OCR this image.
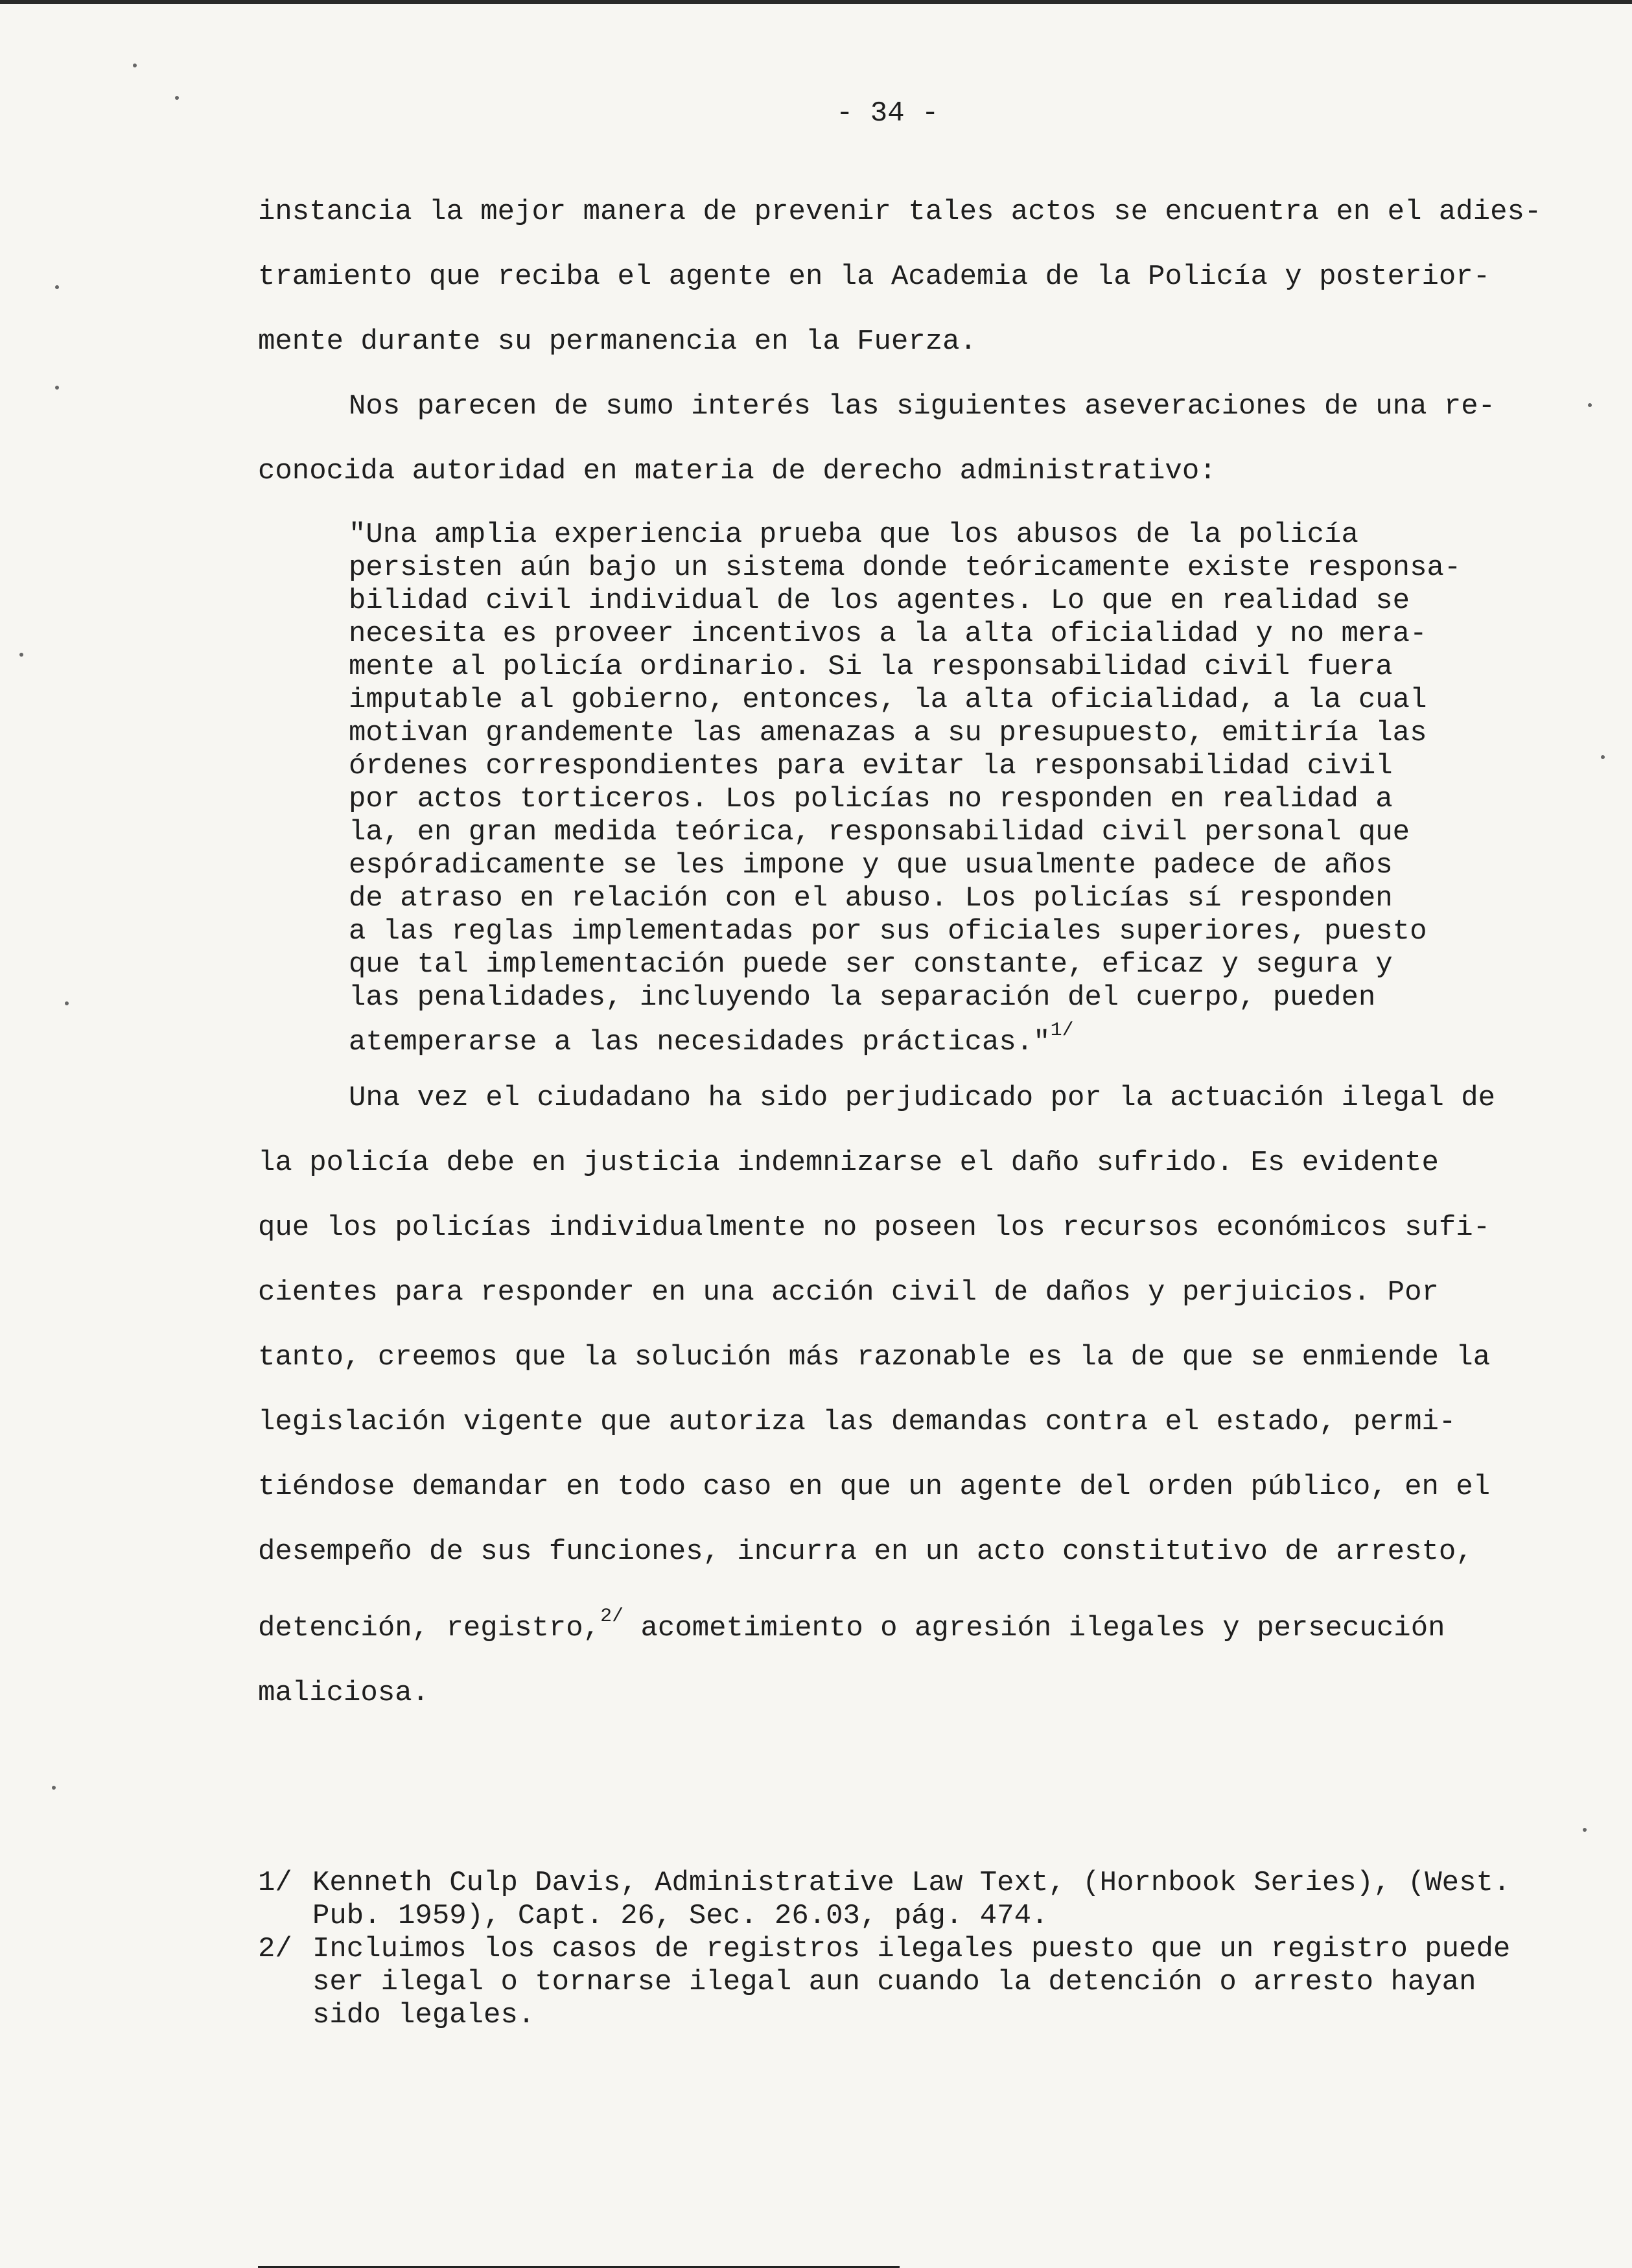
- 34 -
instancia la mejor manera de prevenir tales actos se encuentra en el adies-
tramiento que reciba el agente en la Academia de la Policía y posterior-
mente durante su permanencia en la Fuerza.
Nos parecen de sumo interés las siguientes aseveraciones de una re-
conocida autoridad en materia de derecho administrativo:
"Una amplia experiencia prueba que los abusos de la policía
persisten aún bajo un sistema donde teóricamente existe responsa-
bilidad civil individual de los agentes. Lo que en realidad se
necesita es proveer incentivos a la alta oficialidad y no mera-
mente al policía ordinario. Si la responsabilidad civil fuera
imputable al gobierno, entonces, la alta oficialidad, a la cual
motivan grandemente las amenazas a su presupuesto, emitiría las
órdenes correspondientes para evitar la responsabilidad civil
por actos torticeros. Los policías no responden en realidad a
la, en gran medida teórica, responsabilidad civil personal que
espóradicamente se les impone y que usualmente padece de años
de atraso en relación con el abuso. Los policías sí responden
a las reglas implementadas por sus oficiales superiores, puesto
que tal implementación puede ser constante, eficaz y segura y
las penalidades, incluyendo la separación del cuerpo, pueden
atemperarse a las necesidades prácticas."$^{1/}$
Una vez el ciudadano ha sido perjudicado por la actuación ilegal de
la policía debe en justicia indemnizarse el daño sufrido. Es evidente
que los policías individualmente no poseen los recursos económicos sufi-
cientes para responder en una acción civil de daños y perjuicios. Por
tanto, creemos que la solución más razonable es la de que se enmiende la
legislación vigente que autoriza las demandas contra el estado, permi-
tiéndose demandar en todo caso en que un agente del orden público, en el
desempeño de sus funciones, incurra en un acto constitutivo de arresto,
detención, registro,$^{2/}$ acometimiento o agresión ilegales y persecución
maliciosa.
1/ Kenneth Culp Davis, Administrative Law Text, (Hornbook Series), (West.
Pub. 1959), Capt. 26, Sec. 26.03, pág. 474.
2/ Incluimos los casos de registros ilegales puesto que un registro puede
ser ilegal o tornarse ilegal aun cuando la detención o arresto hayan
sido legales.
